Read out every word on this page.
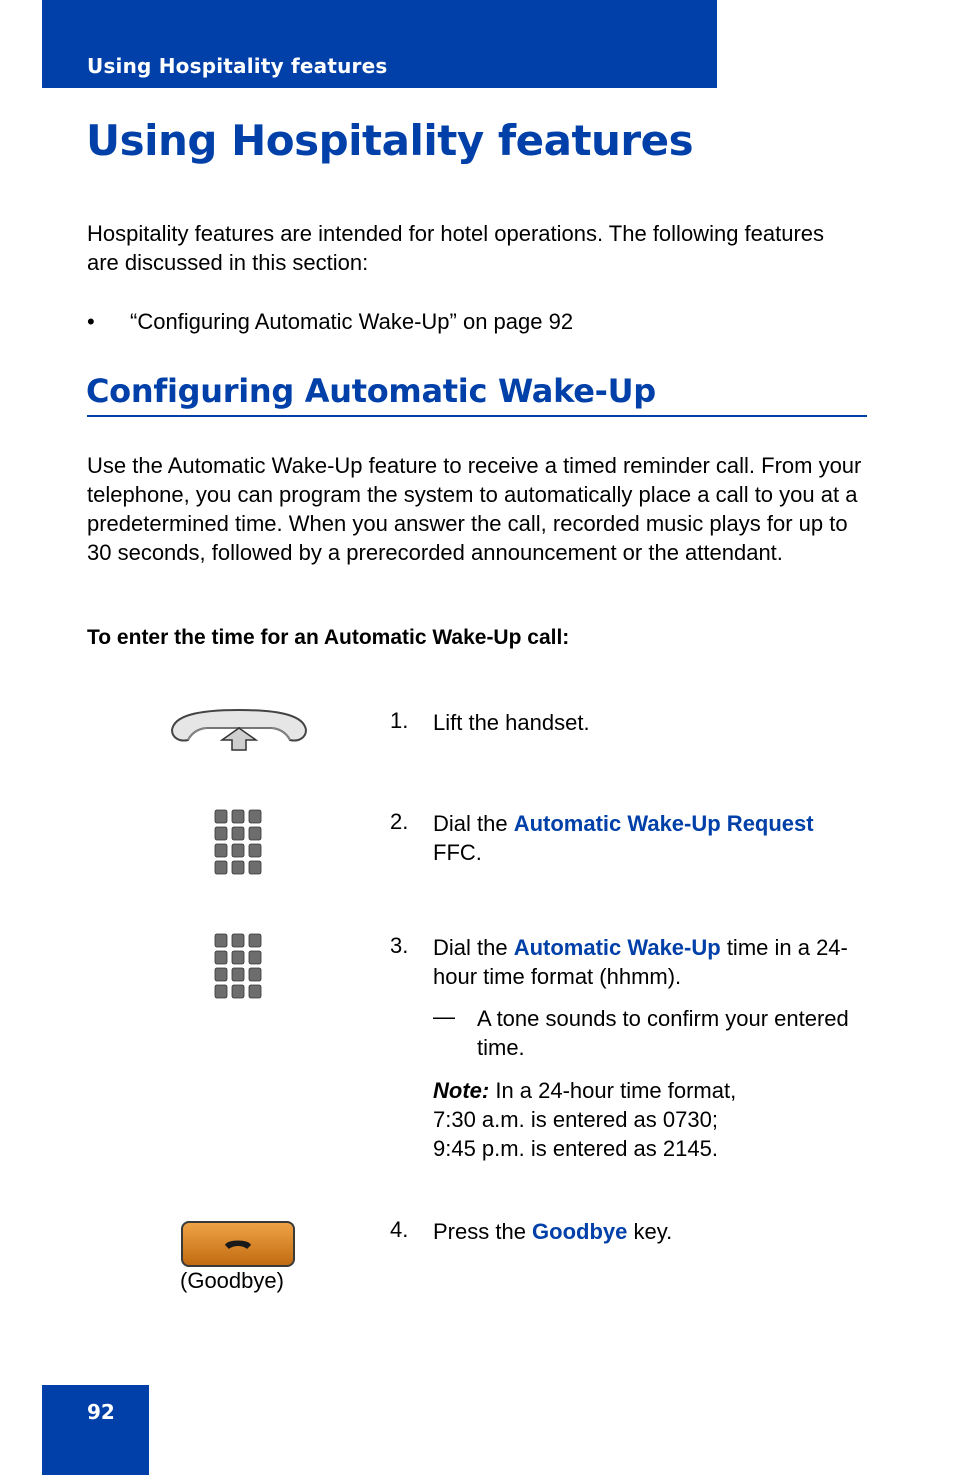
Using Hospitality features
Using Hospitality features

Hospitality features are intended for hotel operations. The following features are discussed in this section:

• “Configuring Automatic Wake-Up” on page 92
Configuring Automatic Wake-Up

Use the Automatic Wake-Up feature to receive a timed reminder call. From your telephone, you can program the system to automatically place a call to you at a predetermined time. When you answer the call, recorded music plays for up to 30 seconds, followed by a prerecorded announcement or the attendant.

To enter the time for an Automatic Wake-Up call:
1. Lift the handset.
2. Dial the Automatic Wake-Up Request FFC.
3. Dial the Automatic Wake-Up time in a 24-hour time format (hhmm).
— A tone sounds to confirm your entered time.
Note: In a 24-hour time format,
7:30 a.m. is entered as 0730;
9:45 p.m. is entered as 2145.
(Goodbye)
4. Press the Goodbye key.
92
